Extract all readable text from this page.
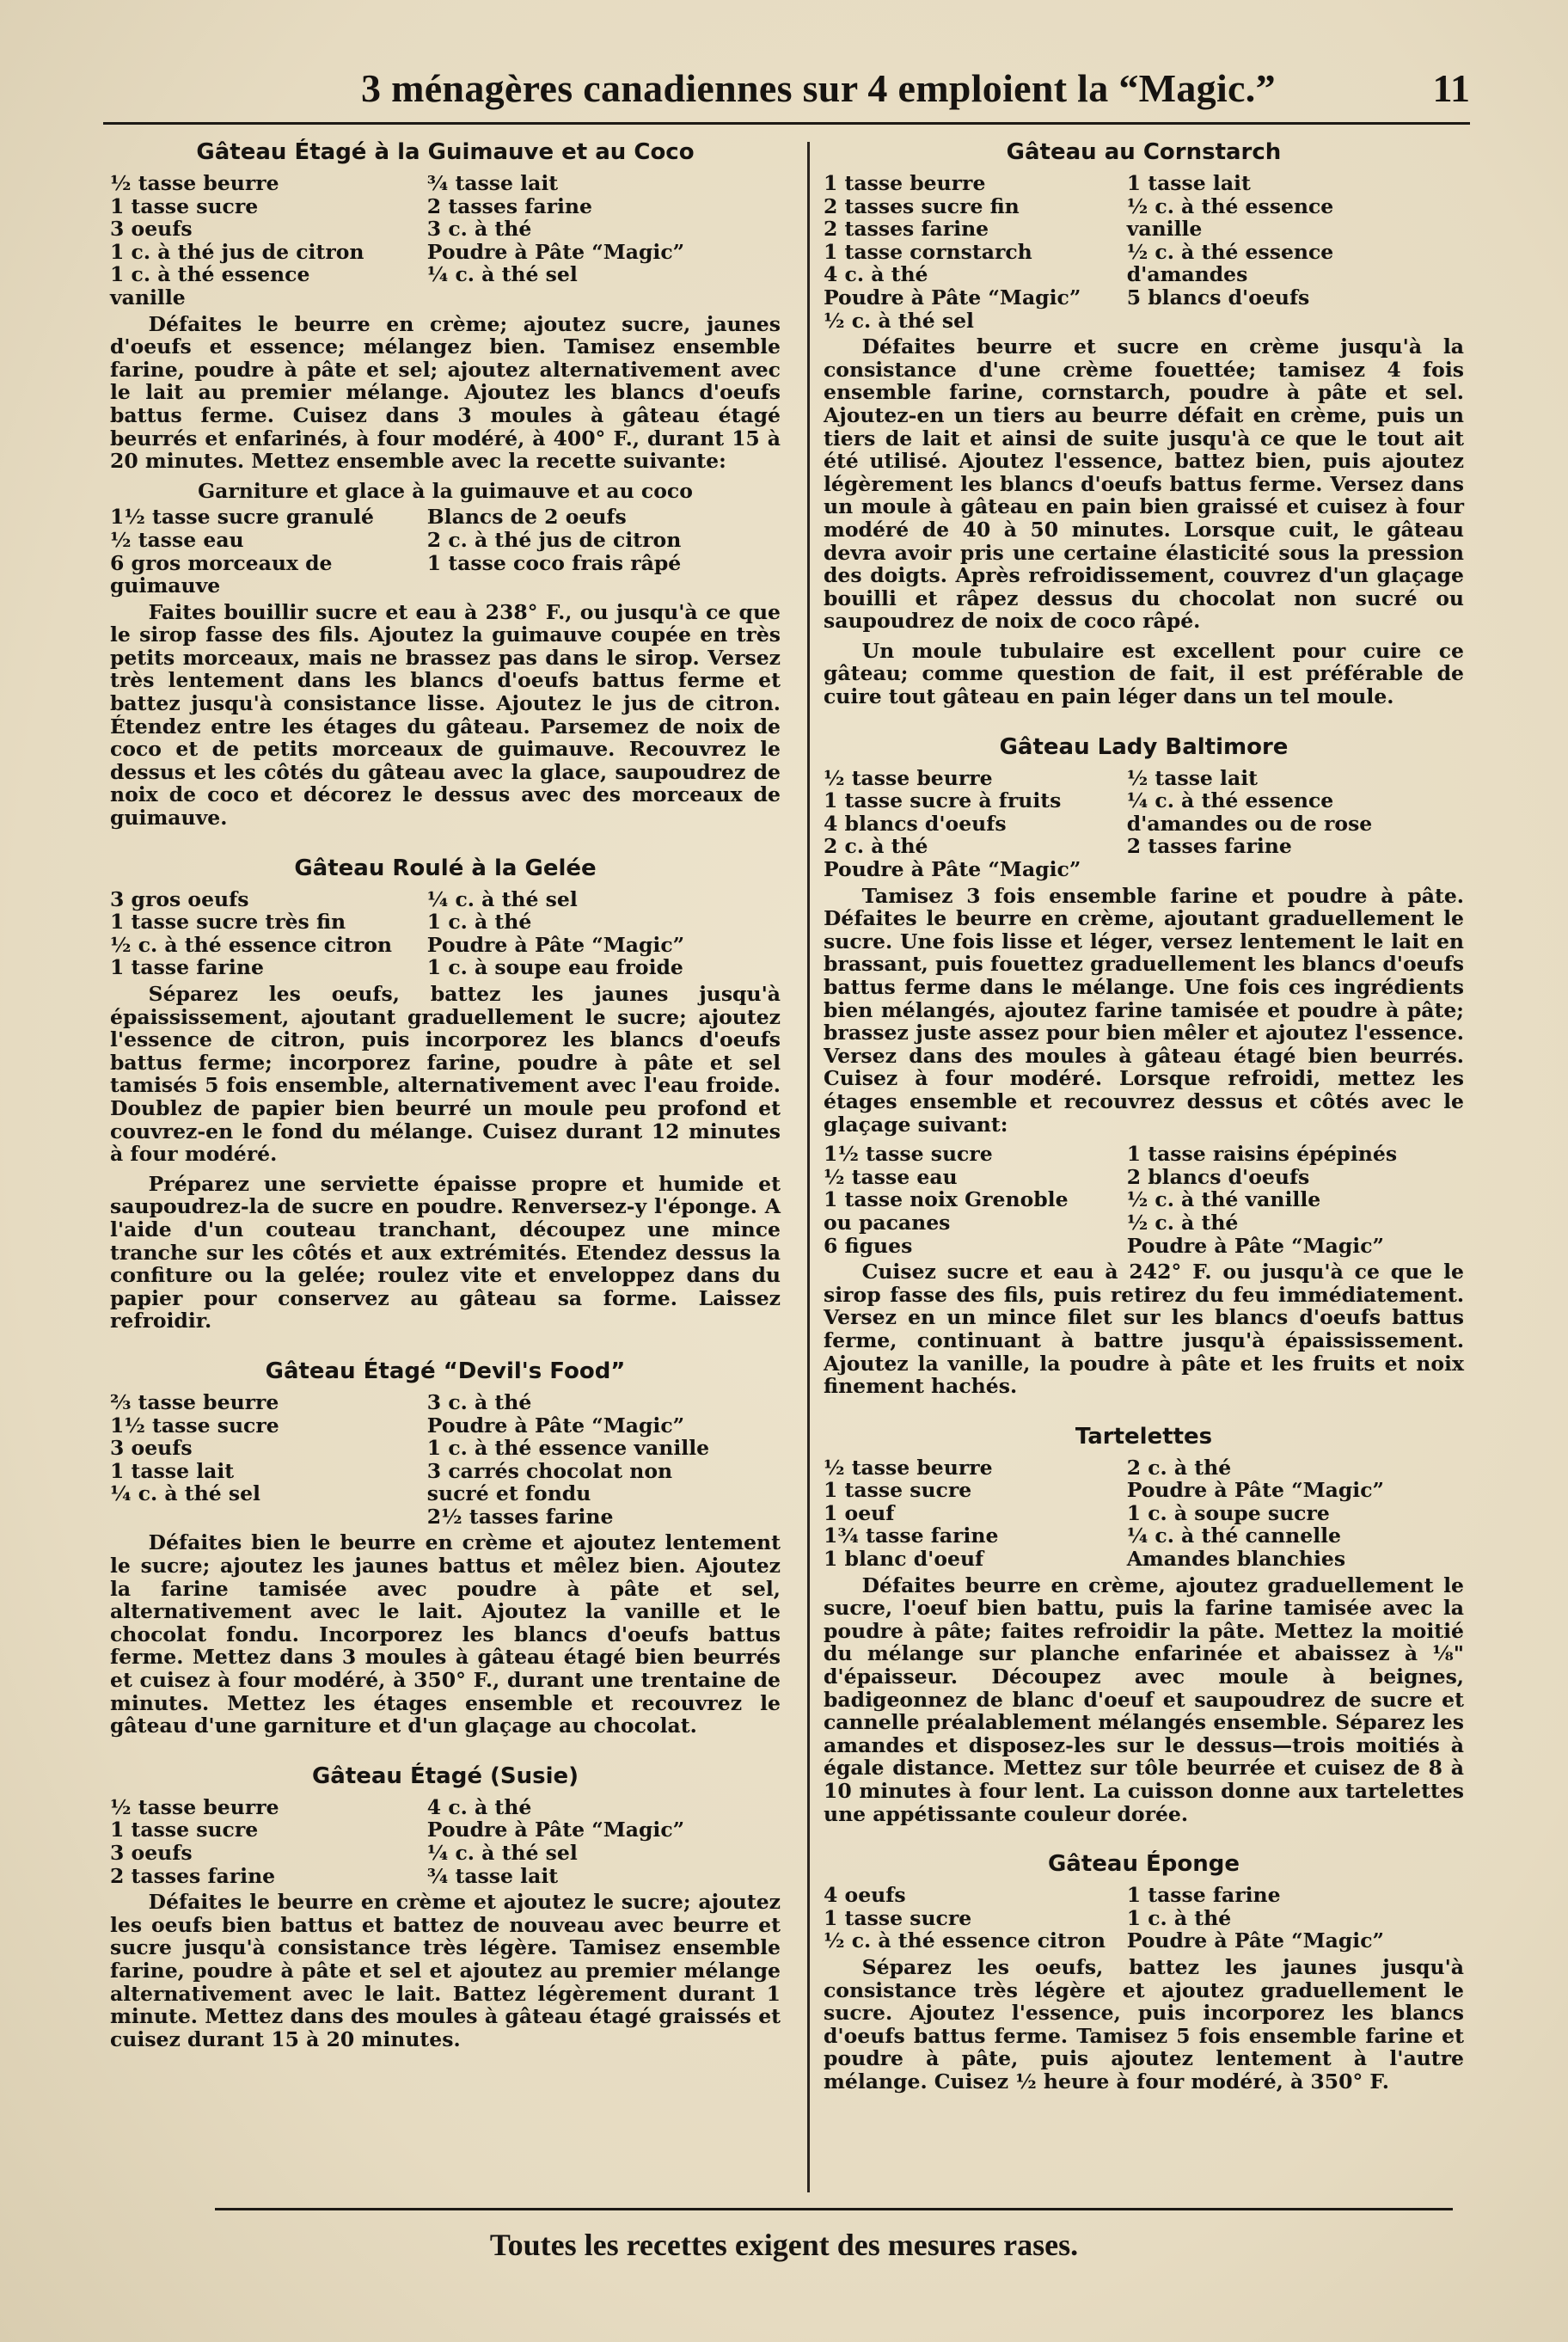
3 ménagères canadiennes sur 4 emploient la “Magic.”	11
Gâteau Étagé à la Guimauve et au Coco
½ tasse beurre
1 tasse sucre
3 oeufs
1 c. à thé jus de citron
1 c. à thé essence
vanille
¾ tasse lait
2 tasses farine
3 c. à thé
Poudre à Pâte “Magic”
¼ c. à thé sel

Défaites le beurre en crème; ajoutez sucre, jaunes d'oeufs et essence; mélangez bien. Tamisez ensemble farine, poudre à pâte et sel; ajoutez alternativement avec le lait au premier mélange. Ajoutez les blancs d'oeufs battus ferme. Cuisez dans 3 moules à gâteau étagé beurrés et enfarinés, à four modéré, à 400° F., durant 15 à 20 minutes. Mettez ensemble avec la recette suivante:

Garniture et glace à la guimauve et au coco
1½ tasse sucre granulé
½ tasse eau
6 gros morceaux de
guimauve
Blancs de 2 oeufs
2 c. à thé jus de citron
1 tasse coco frais râpé

Faites bouillir sucre et eau à 238° F., ou jusqu'à ce que le sirop fasse des fils. Ajoutez la guimauve coupée en très petits morceaux, mais ne brassez pas dans le sirop. Versez très lentement dans les blancs d'oeufs battus ferme et battez jusqu'à consistance lisse. Ajoutez le jus de citron. Étendez entre les étages du gâteau. Parsemez de noix de coco et de petits morceaux de guimauve. Recouvrez le dessus et les côtés du gâteau avec la glace, saupoudrez de noix de coco et décorez le dessus avec des morceaux de guimauve.

Gâteau Roulé à la Gelée
3 gros oeufs
1 tasse sucre très fin
½ c. à thé essence citron
1 tasse farine
¼ c. à thé sel
1 c. à thé
Poudre à Pâte “Magic”
1 c. à soupe eau froide

Séparez les oeufs, battez les jaunes jusqu'à épaississement, ajoutant graduellement le sucre; ajoutez l'essence de citron, puis incorporez les blancs d'oeufs battus ferme; incorporez farine, poudre à pâte et sel tamisés 5 fois ensemble, alternativement avec l'eau froide. Doublez de papier bien beurré un moule peu profond et couvrez-en le fond du mélange. Cuisez durant 12 minutes à four modéré.

Préparez une serviette épaisse propre et humide et saupoudrez-la de sucre en poudre. Renversez-y l'éponge. A l'aide d'un couteau tranchant, découpez une mince tranche sur les côtés et aux extrémités. Etendez dessus la confiture ou la gelée; roulez vite et enveloppez dans du papier pour conservez au gâteau sa forme. Laissez refroidir.

Gâteau Étagé “Devil's Food”
⅔ tasse beurre
1½ tasse sucre
3 oeufs
1 tasse lait
¼ c. à thé sel
3 c. à thé
Poudre à Pâte “Magic”
1 c. à thé essence vanille
3 carrés chocolat non
sucré et fondu
2½ tasses farine

Défaites bien le beurre en crème et ajoutez lentement le sucre; ajoutez les jaunes battus et mêlez bien. Ajoutez la farine tamisée avec poudre à pâte et sel, alternativement avec le lait. Ajoutez la vanille et le chocolat fondu. Incorporez les blancs d'oeufs battus ferme. Mettez dans 3 moules à gâteau étagé bien beurrés et cuisez à four modéré, à 350° F., durant une trentaine de minutes. Mettez les étages ensemble et recouvrez le gâteau d'une garniture et d'un glaçage au chocolat.

Gâteau Étagé (Susie)
½ tasse beurre
1 tasse sucre
3 oeufs
2 tasses farine
4 c. à thé
Poudre à Pâte “Magic”
¼ c. à thé sel
¾ tasse lait

Défaites le beurre en crème et ajoutez le sucre; ajoutez les oeufs bien battus et battez de nouveau avec beurre et sucre jusqu'à consistance très légère. Tamisez ensemble farine, poudre à pâte et sel et ajoutez au premier mélange alternativement avec le lait. Battez légèrement durant 1 minute. Mettez dans des moules à gâteau étagé graissés et cuisez durant 15 à 20 minutes.

Gâteau au Cornstarch
1 tasse beurre
2 tasses sucre fin
2 tasses farine
1 tasse cornstarch
4 c. à thé
Poudre à Pâte “Magic”
½ c. à thé sel
1 tasse lait
½ c. à thé essence
vanille
½ c. à thé essence
d'amandes
5 blancs d'oeufs

Défaites beurre et sucre en crème jusqu'à la consistance d'une crème fouettée; tamisez 4 fois ensemble farine, cornstarch, poudre à pâte et sel. Ajoutez-en un tiers au beurre défait en crème, puis un tiers de lait et ainsi de suite jusqu'à ce que le tout ait été utilisé. Ajoutez l'essence, battez bien, puis ajoutez légèrement les blancs d'oeufs battus ferme. Versez dans un moule à gâteau en pain bien graissé et cuisez à four modéré de 40 à 50 minutes. Lorsque cuit, le gâteau devra avoir pris une certaine élasticité sous la pression des doigts. Après refroidissement, couvrez d'un glaçage bouilli et râpez dessus du chocolat non sucré ou saupoudrez de noix de coco râpé.

Un moule tubulaire est excellent pour cuire ce gâteau; comme question de fait, il est préférable de cuire tout gâteau en pain léger dans un tel moule.

Gâteau Lady Baltimore
½ tasse beurre
1 tasse sucre à fruits
4 blancs d'oeufs
2 c. à thé
Poudre à Pâte “Magic”
½ tasse lait
¼ c. à thé essence
d'amandes ou de rose
2 tasses farine

Tamisez 3 fois ensemble farine et poudre à pâte. Défaites le beurre en crème, ajoutant graduellement le sucre. Une fois lisse et léger, versez lentement le lait en brassant, puis fouettez graduellement les blancs d'oeufs battus ferme dans le mélange. Une fois ces ingrédients bien mélangés, ajoutez farine tamisée et poudre à pâte; brassez juste assez pour bien mêler et ajoutez l'essence. Versez dans des moules à gâteau étagé bien beurrés. Cuisez à four modéré. Lorsque refroidi, mettez les étages ensemble et recouvrez dessus et côtés avec le glaçage suivant:

1½ tasse sucre
½ tasse eau
1 tasse noix Grenoble
ou pacanes
6 figues
1 tasse raisins épépinés
2 blancs d'oeufs
½ c. à thé vanille
½ c. à thé
Poudre à Pâte “Magic”

Cuisez sucre et eau à 242° F. ou jusqu'à ce que le sirop fasse des fils, puis retirez du feu immédiatement. Versez en un mince filet sur les blancs d'oeufs battus ferme, continuant à battre jusqu'à épaississement. Ajoutez la vanille, la poudre à pâte et les fruits et noix finement hachés.

Tartelettes
½ tasse beurre
1 tasse sucre
1 oeuf
1¾ tasse farine
1 blanc d'oeuf
2 c. à thé
Poudre à Pâte “Magic”
1 c. à soupe sucre
¼ c. à thé cannelle
Amandes blanchies

Défaites beurre en crème, ajoutez graduellement le sucre, l'oeuf bien battu, puis la farine tamisée avec la poudre à pâte; faites refroidir la pâte. Mettez la moitié du mélange sur planche enfarinée et abaissez à ⅛" d'épaisseur. Découpez avec moule à beignes, badigeonnez de blanc d'oeuf et saupoudrez de sucre et cannelle préalablement mélangés ensemble. Séparez les amandes et disposez-les sur le dessus—trois moitiés à égale distance. Mettez sur tôle beurrée et cuisez de 8 à 10 minutes à four lent. La cuisson donne aux tartelettes une appétissante couleur dorée.

Gâteau Éponge
4 oeufs
1 tasse sucre
½ c. à thé essence citron
1 tasse farine
1 c. à thé
Poudre à Pâte “Magic”

Séparez les oeufs, battez les jaunes jusqu'à consistance très légère et ajoutez graduellement le sucre. Ajoutez l'essence, puis incorporez les blancs d'oeufs battus ferme. Tamisez 5 fois ensemble farine et poudre à pâte, puis ajoutez lentement à l'autre mélange. Cuisez ½ heure à four modéré, à 350° F.

Toutes les recettes exigent des mesures rases.
